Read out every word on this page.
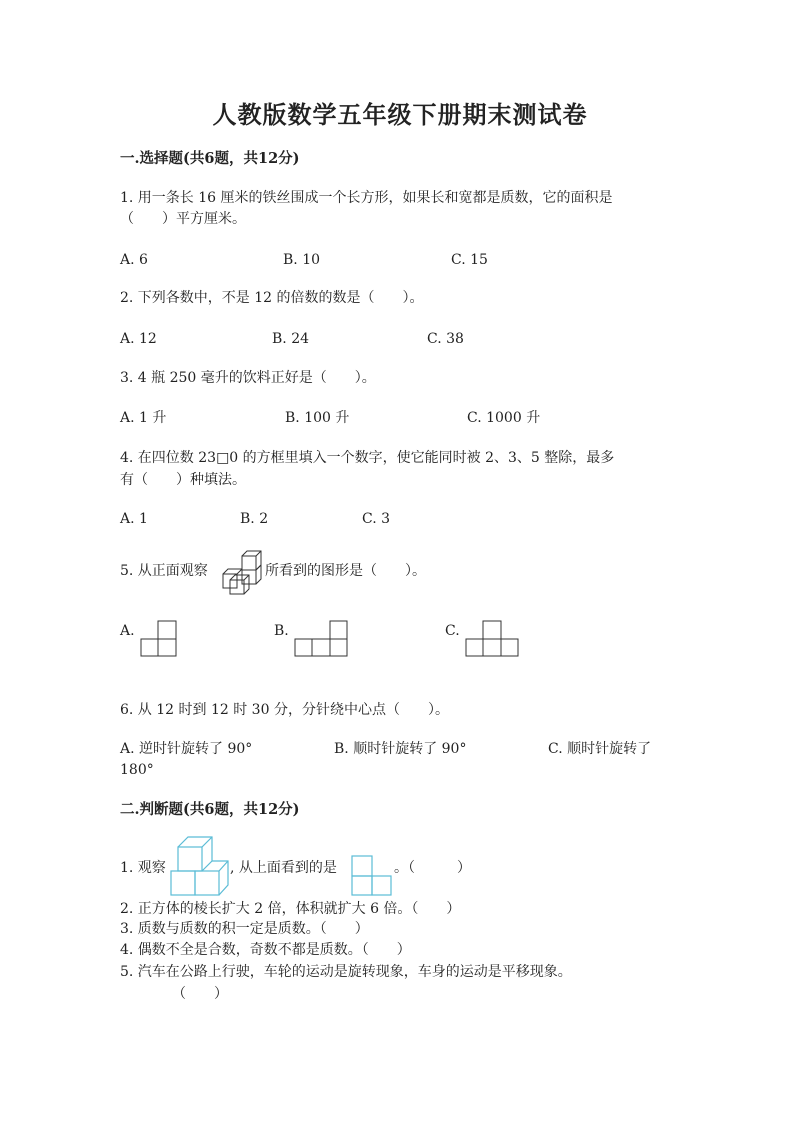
人教版数学五年级下册期末测试卷
一.选择题(共6题，共12分)
1. 用一条长 16 厘米的铁丝围成一个长方形，如果长和宽都是质数，它的面积是
（　　）平方厘米。
A. 6	B. 10	C. 15
2. 下列各数中，不是 12 的倍数的数是（　　）。
A. 12	B. 24	C. 38
3. 4 瓶 250 毫升的饮料正好是（　　）。
A. 1 升	B. 100 升	C. 1000 升
4. 在四位数 23□0 的方框里填入一个数字，使它能同时被 2、3、5 整除，最多
有（　　）种填法。
A. 1	B. 2	C. 3
5. 从正面观察	所看到的图形是（　　）。
A.	B.	C.
6. 从 12 时到 12 时 30 分，分针绕中心点（　　）。
A. 逆时针旋转了 90°	B. 顺时针旋转了 90°	C. 顺时针旋转了
180°
二.判断题(共6题，共12分)
1. 观察	, 从上面看到的是	。（　　　）
2. 正方体的棱长扩大 2 倍，体积就扩大 6 倍。（　　）
3. 质数与质数的积一定是质数。（　　）
4. 偶数不全是合数，奇数不都是质数。（　　）
5. 汽车在公路上行驶，车轮的运动是旋转现象，车身的运动是平移现象。
（　　）
